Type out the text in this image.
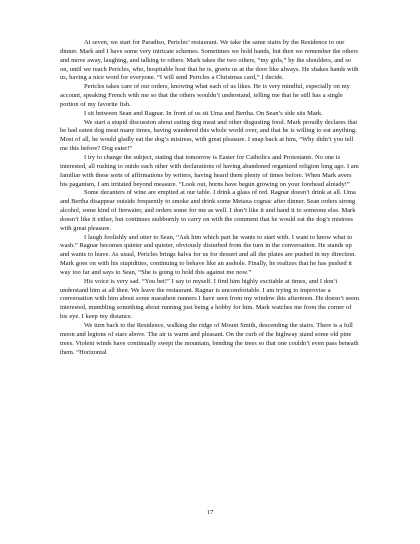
At seven, we start for Paradiso, Pericles’ restaurant. We take the same stairs by the Residence to our dinner. Mark and I have some very intricate schemes. Sometimes we hold hands, but then we remember the others and move away, laughing, and talking to others. Mark takes the two others, “my girls,” by the shoulders, and so on, until we reach Pericles, who, hospitable host that he is, greets us at the door like always. He shakes hands with us, having a nice word for everyone. “I will send Pericles a Christmas card,” I decide.

Pericles takes care of our orders, knowing what each of us likes. He is very mindful, especially on my account, speaking French with me so that the others wouldn’t understand, telling me that he still has a single portion of my favorite fish.

I sit between Sean and Ragnar. In front of us sit Uma and Bertha. On Sean’s side sits Mark.

We start a stupid discussion about eating dog meat and other disgusting food. Mark proudly declares that he had eaten dog meat many times, having wandered this whole world over, and that he is willing to eat anything. Most of all, he would gladly eat the dog’s mistress, with great pleasure. I snap back at him, “Why didn’t you tell me this before? Dog eater!”

I try to change the subject, stating that tomorrow is Easter for Catholics and Protestants. No one is interested, all rushing to outdo each other with declarations of having abandoned organized religion long ago. I am familiar with these sorts of affirmations by writers, having heard them plenty of times before. When Mark avers his paganism, I am irritated beyond measure. “Look out, horns have begun growing on your forehead already!”

Some decanters of wine are emptied at our table. I drink a glass of red. Ragnar doesn’t drink at all. Uma and Bertha disappear outside frequently to smoke and drink some Metaxa cognac after dinner. Sean orders strong alcohol, some kind of firewater, and orders some for me as well. I don’t like it and hand it to someone else. Mark doesn’t like it either, but continues stubbornly to carry on with the comment that he would eat the dog’s mistress with great pleasure.

I laugh foolishly and utter to Sean, “Ask him which part he wants to start with. I want to know what to wash.” Ragnar becomes quieter and quieter, obviously disturbed from the turn in the conversation. He stands up and wants to leave. As usual, Pericles brings halva for us for dessert and all the plates are pushed in my direction. Mark goes on with his stupidities, continuing to behave like an asshole. Finally, he realizes that he has pushed it way too far and says to Sean, “She is going to hold this against me now.”

His voice is very sad. “You bet!” I say to myself. I find him highly excitable at times, and I don’t understand him at all then. We leave the restaurant. Ragnar is uncomfortable. I am trying to improvise a conversation with him about some marathon runners I have seen from my window this afternoon. He doesn’t seem interested, mumbling something about running just being a hobby for him. Mark watches me from the corner of his eye. I keep my distance.

We turn back to the Residence, walking the ridge of Mount Smith, descending the stairs. There is a full moon and legions of stars above. The air is warm and pleasant. On the curb of the highway stand some old pine trees. Violent winds have continually swept the mountain, bending the trees so that one couldn’t even pass beneath them. “Horizontal

17
